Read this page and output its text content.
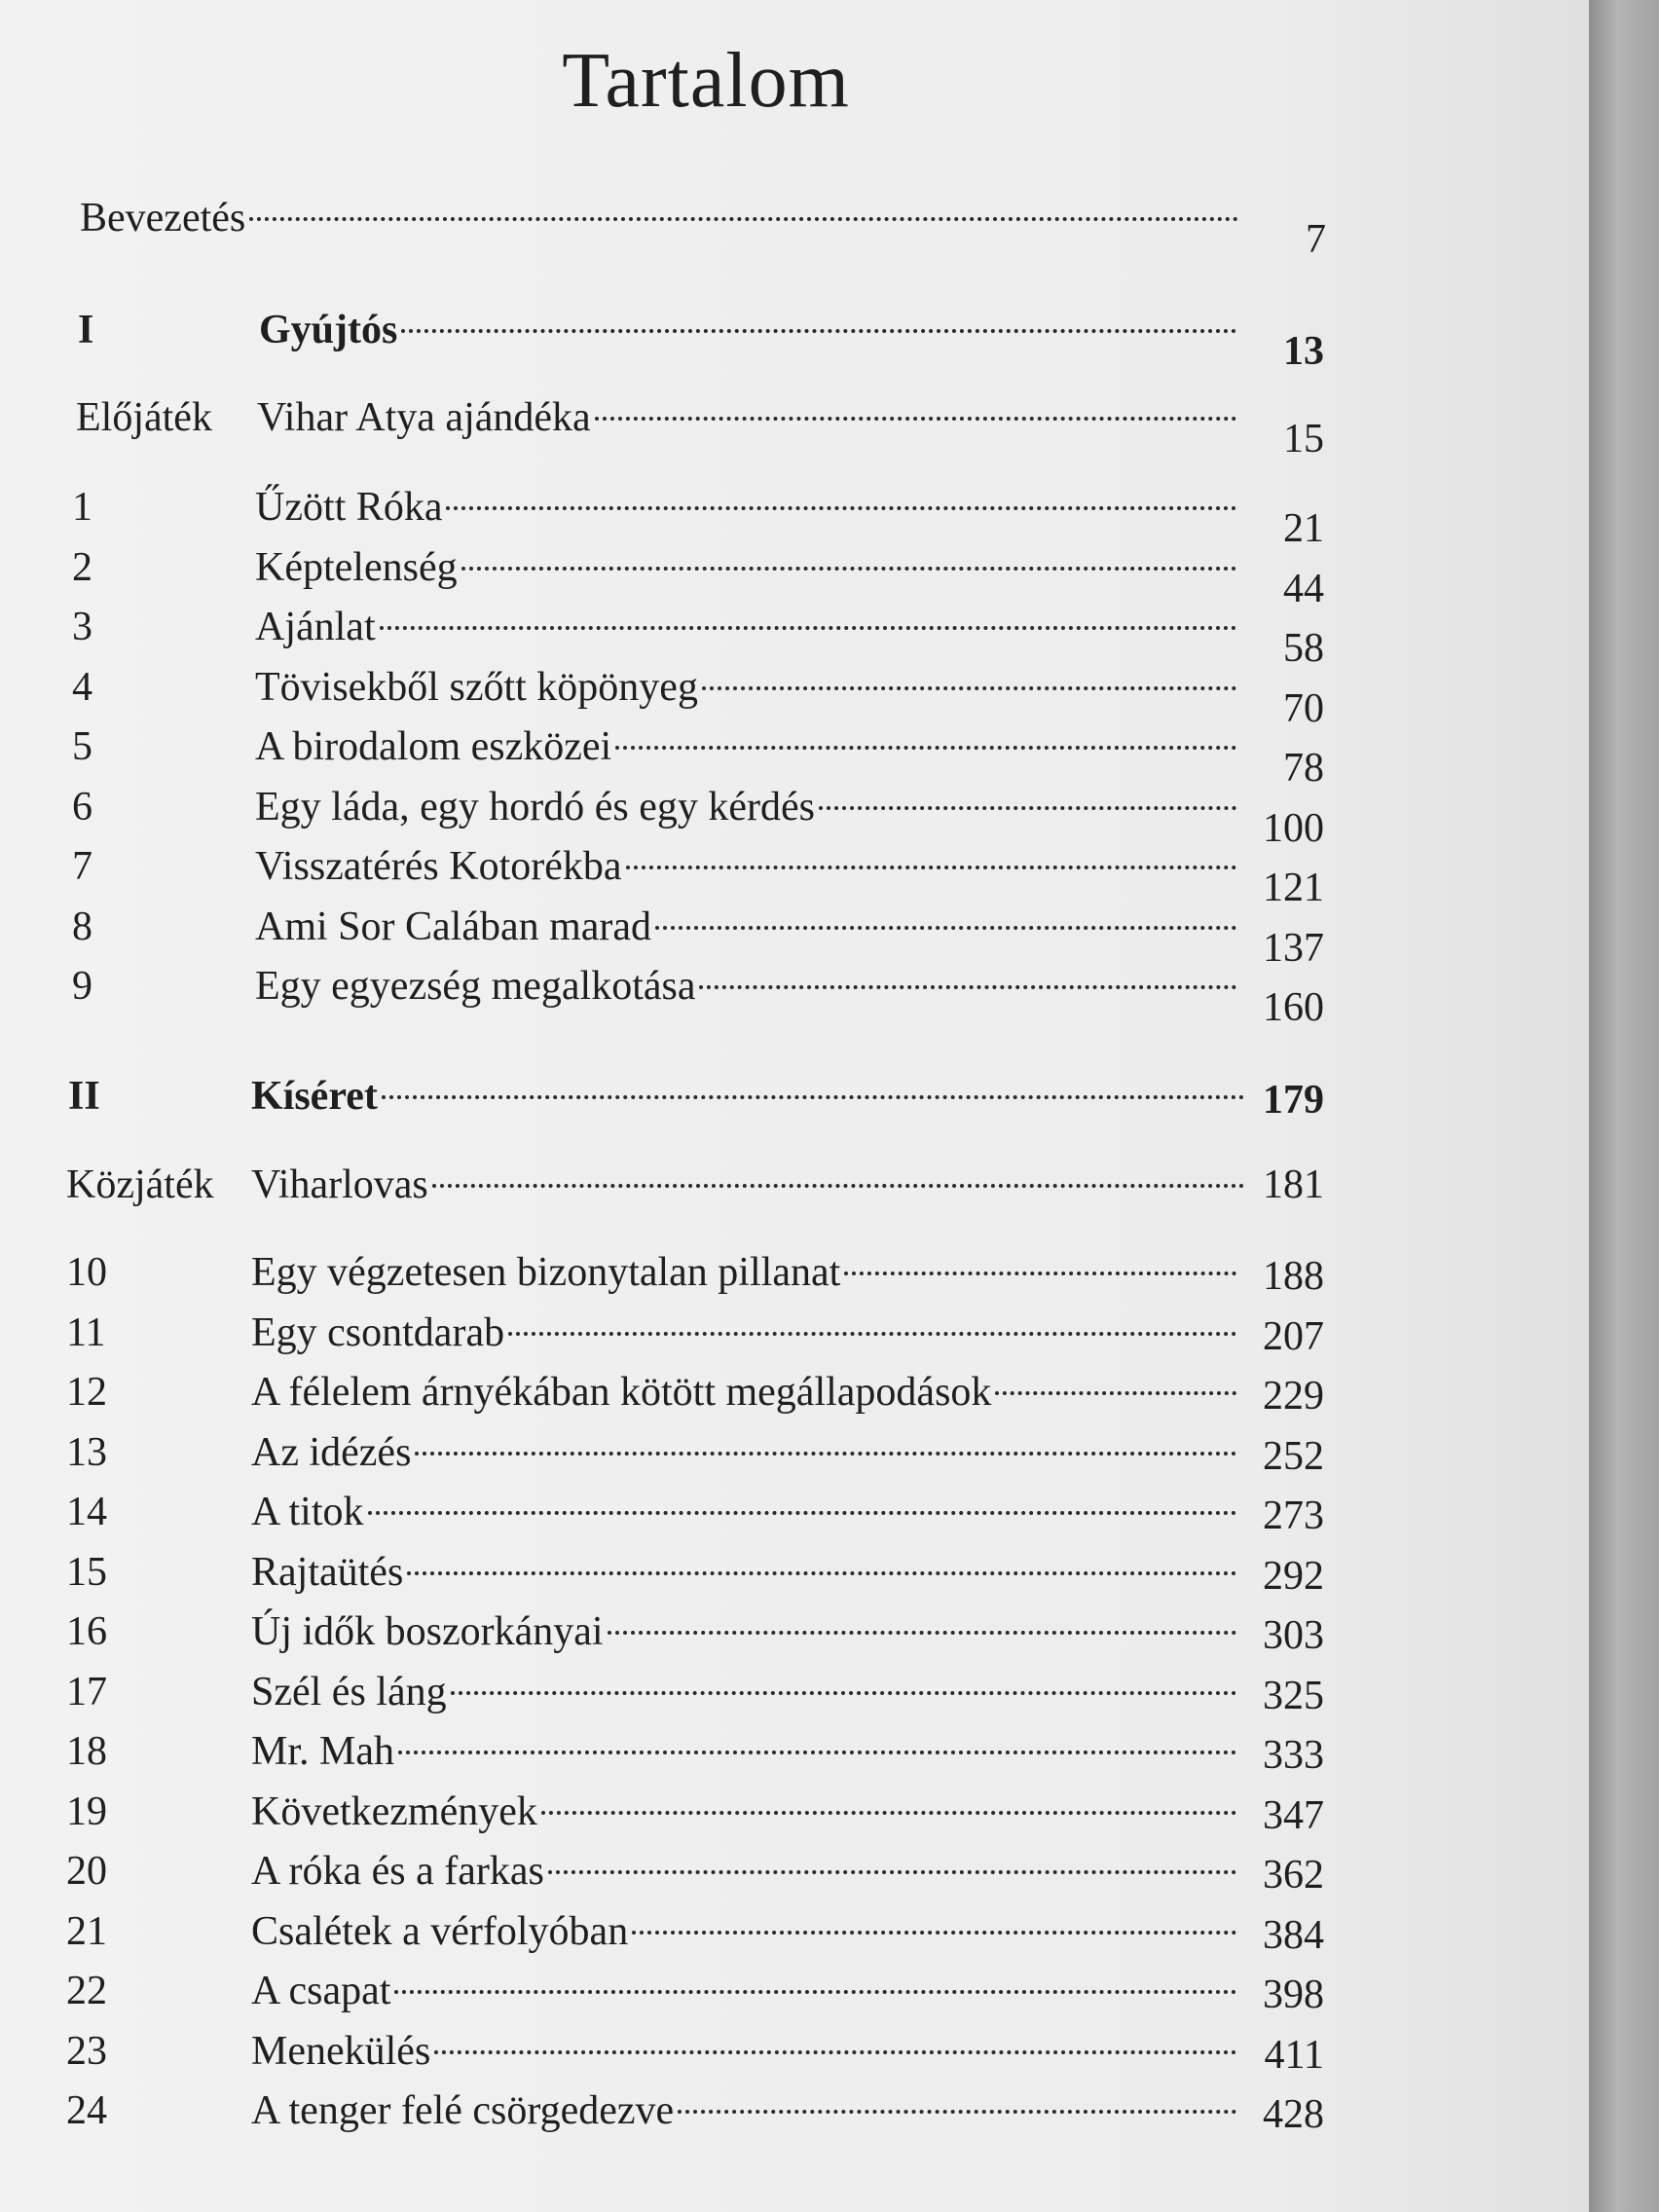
Tartalom
Bevezetés	7
I	Gyújtós	13
Előjáték Vihar Atya ajándéka	15
1	Űzött Róka	21
2	Képtelenség	44
3	Ajánlat	58
4	Tövisekből szőtt köpönyeg	70
5	A birodalom eszközei	78
6	Egy láda, egy hordó és egy kérdés	100
7	Visszatérés Kotorékba	121
8	Ami Sor Calában marad	137
9	Egy egyezség megalkotása	160
II	Kíséret	179
Közjáték Viharlovas	181
10	Egy végzetesen bizonytalan pillanat	188
11	Egy csontdarab	207
12	A félelem árnyékában kötött megállapodások	229
13	Az idézés	252
14	A titok	273
15	Rajtaütés	292
16	Új idők boszorkányai	303
17	Szél és láng	325
18	Mr. Mah	333
19	Következmények	347
20	A róka és a farkas	362
21	Csalétek a vérfolyóban	384
22	A csapat	398
23	Menekülés	411
24	A tenger felé csörgedezve	428
